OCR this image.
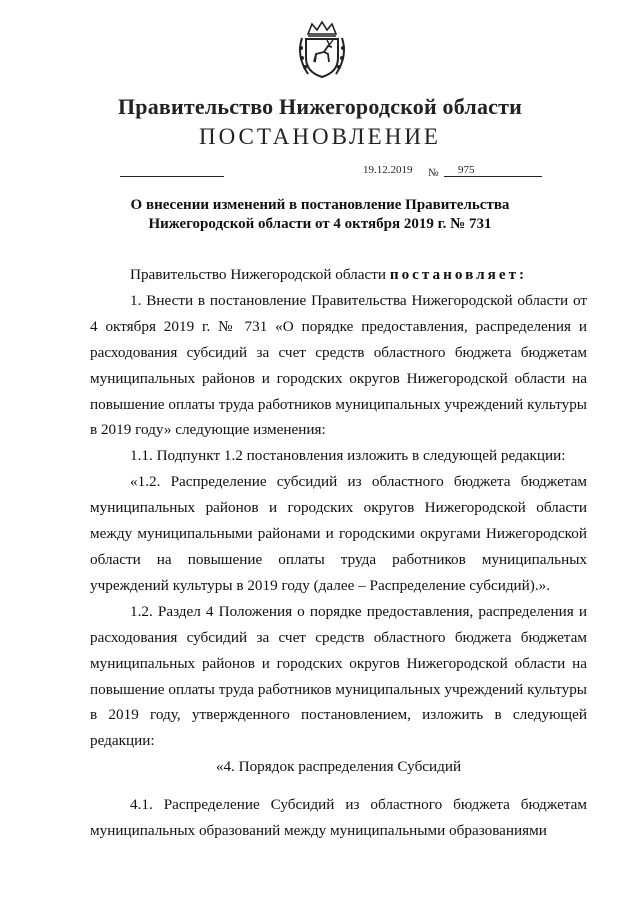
Правительство Нижегородской области
ПОСТАНОВЛЕНИЕ
19.12.2019 № 975
О внесении изменений в постановление Правительства
Нижегородской области от 4 октября 2019 г. № 731

Правительство Нижегородской области постановляет:

1. Внести в постановление Правительства Нижегородской области от 4 октября 2019 г. № 731 «О порядке предоставления, распределения и расходования субсидий за счет средств областного бюджета бюджетам муниципальных районов и городских округов Нижегородской области на повышение оплаты труда работников муниципальных учреждений культуры в 2019 году» следующие изменения:

1.1. Подпункт 1.2 постановления изложить в следующей редакции:

«1.2. Распределение субсидий из областного бюджета бюджетам муниципальных районов и городских округов Нижегородской области между муниципальными районами и городскими округами Нижегородской области на повышение оплаты труда работников муниципальных учреждений культуры в 2019 году (далее – Распределение субсидий).».

1.2. Раздел 4 Положения о порядке предоставления, распределения и расходования субсидий за счет средств областного бюджета бюджетам муниципальных районов и городских округов Нижегородской области на повышение оплаты труда работников муниципальных учреждений культуры в 2019 году, утвержденного постановлением, изложить в следующей редакции:

«4. Порядок распределения Субсидий

4.1. Распределение Субсидий из областного бюджета бюджетам муниципальных образований между муниципальными образованиями
